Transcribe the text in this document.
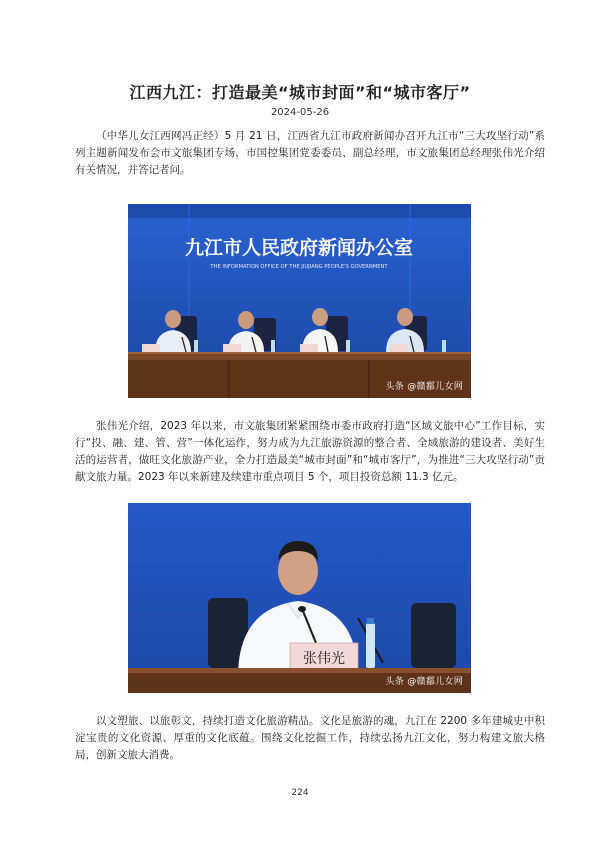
江西九江：打造最美“城市封面”和“城市客厅”
2024-05-26
（中华儿女江西网冯正经）5 月 21 日，江西省九江市政府新闻办召开九江市“三大攻坚行动”系列主题新闻发布会市文旅集团专场，市国控集团党委委员、副总经理，市文旅集团总经理张伟光介绍有关情况，并答记者问。
九江市人民政府新闻办公室
THE INFORMATION OFFICE OF THE JIUJIANG PEOPLE'S GOVERNMENT
头条 @赣鄱儿女网
张伟光介绍，2023 年以来，市文旅集团紧紧围绕市委市政府打造“区域文旅中心”工作目标，实行“投、融、建、管、营”一体化运作，努力成为九江旅游资源的整合者、全域旅游的建设者、美好生活的运营者，做旺文化旅游产业，全力打造最美“城市封面”和“城市客厅”，为推进“三大攻坚行动”贡献文旅力量。2023 年以来新建及续建市重点项目 5 个，项目投资总额 11.3 亿元。
张伟光
头条 @赣鄱儿女网
以文塑旅、以旅彰文，持续打造文化旅游精品。文化是旅游的魂，九江在 2200 多年建城史中积淀宝贵的文化资源、厚重的文化底蕴。围绕文化挖掘工作，持续弘扬九江文化，努力构建文旅大格局，创新文旅大消费。
224
